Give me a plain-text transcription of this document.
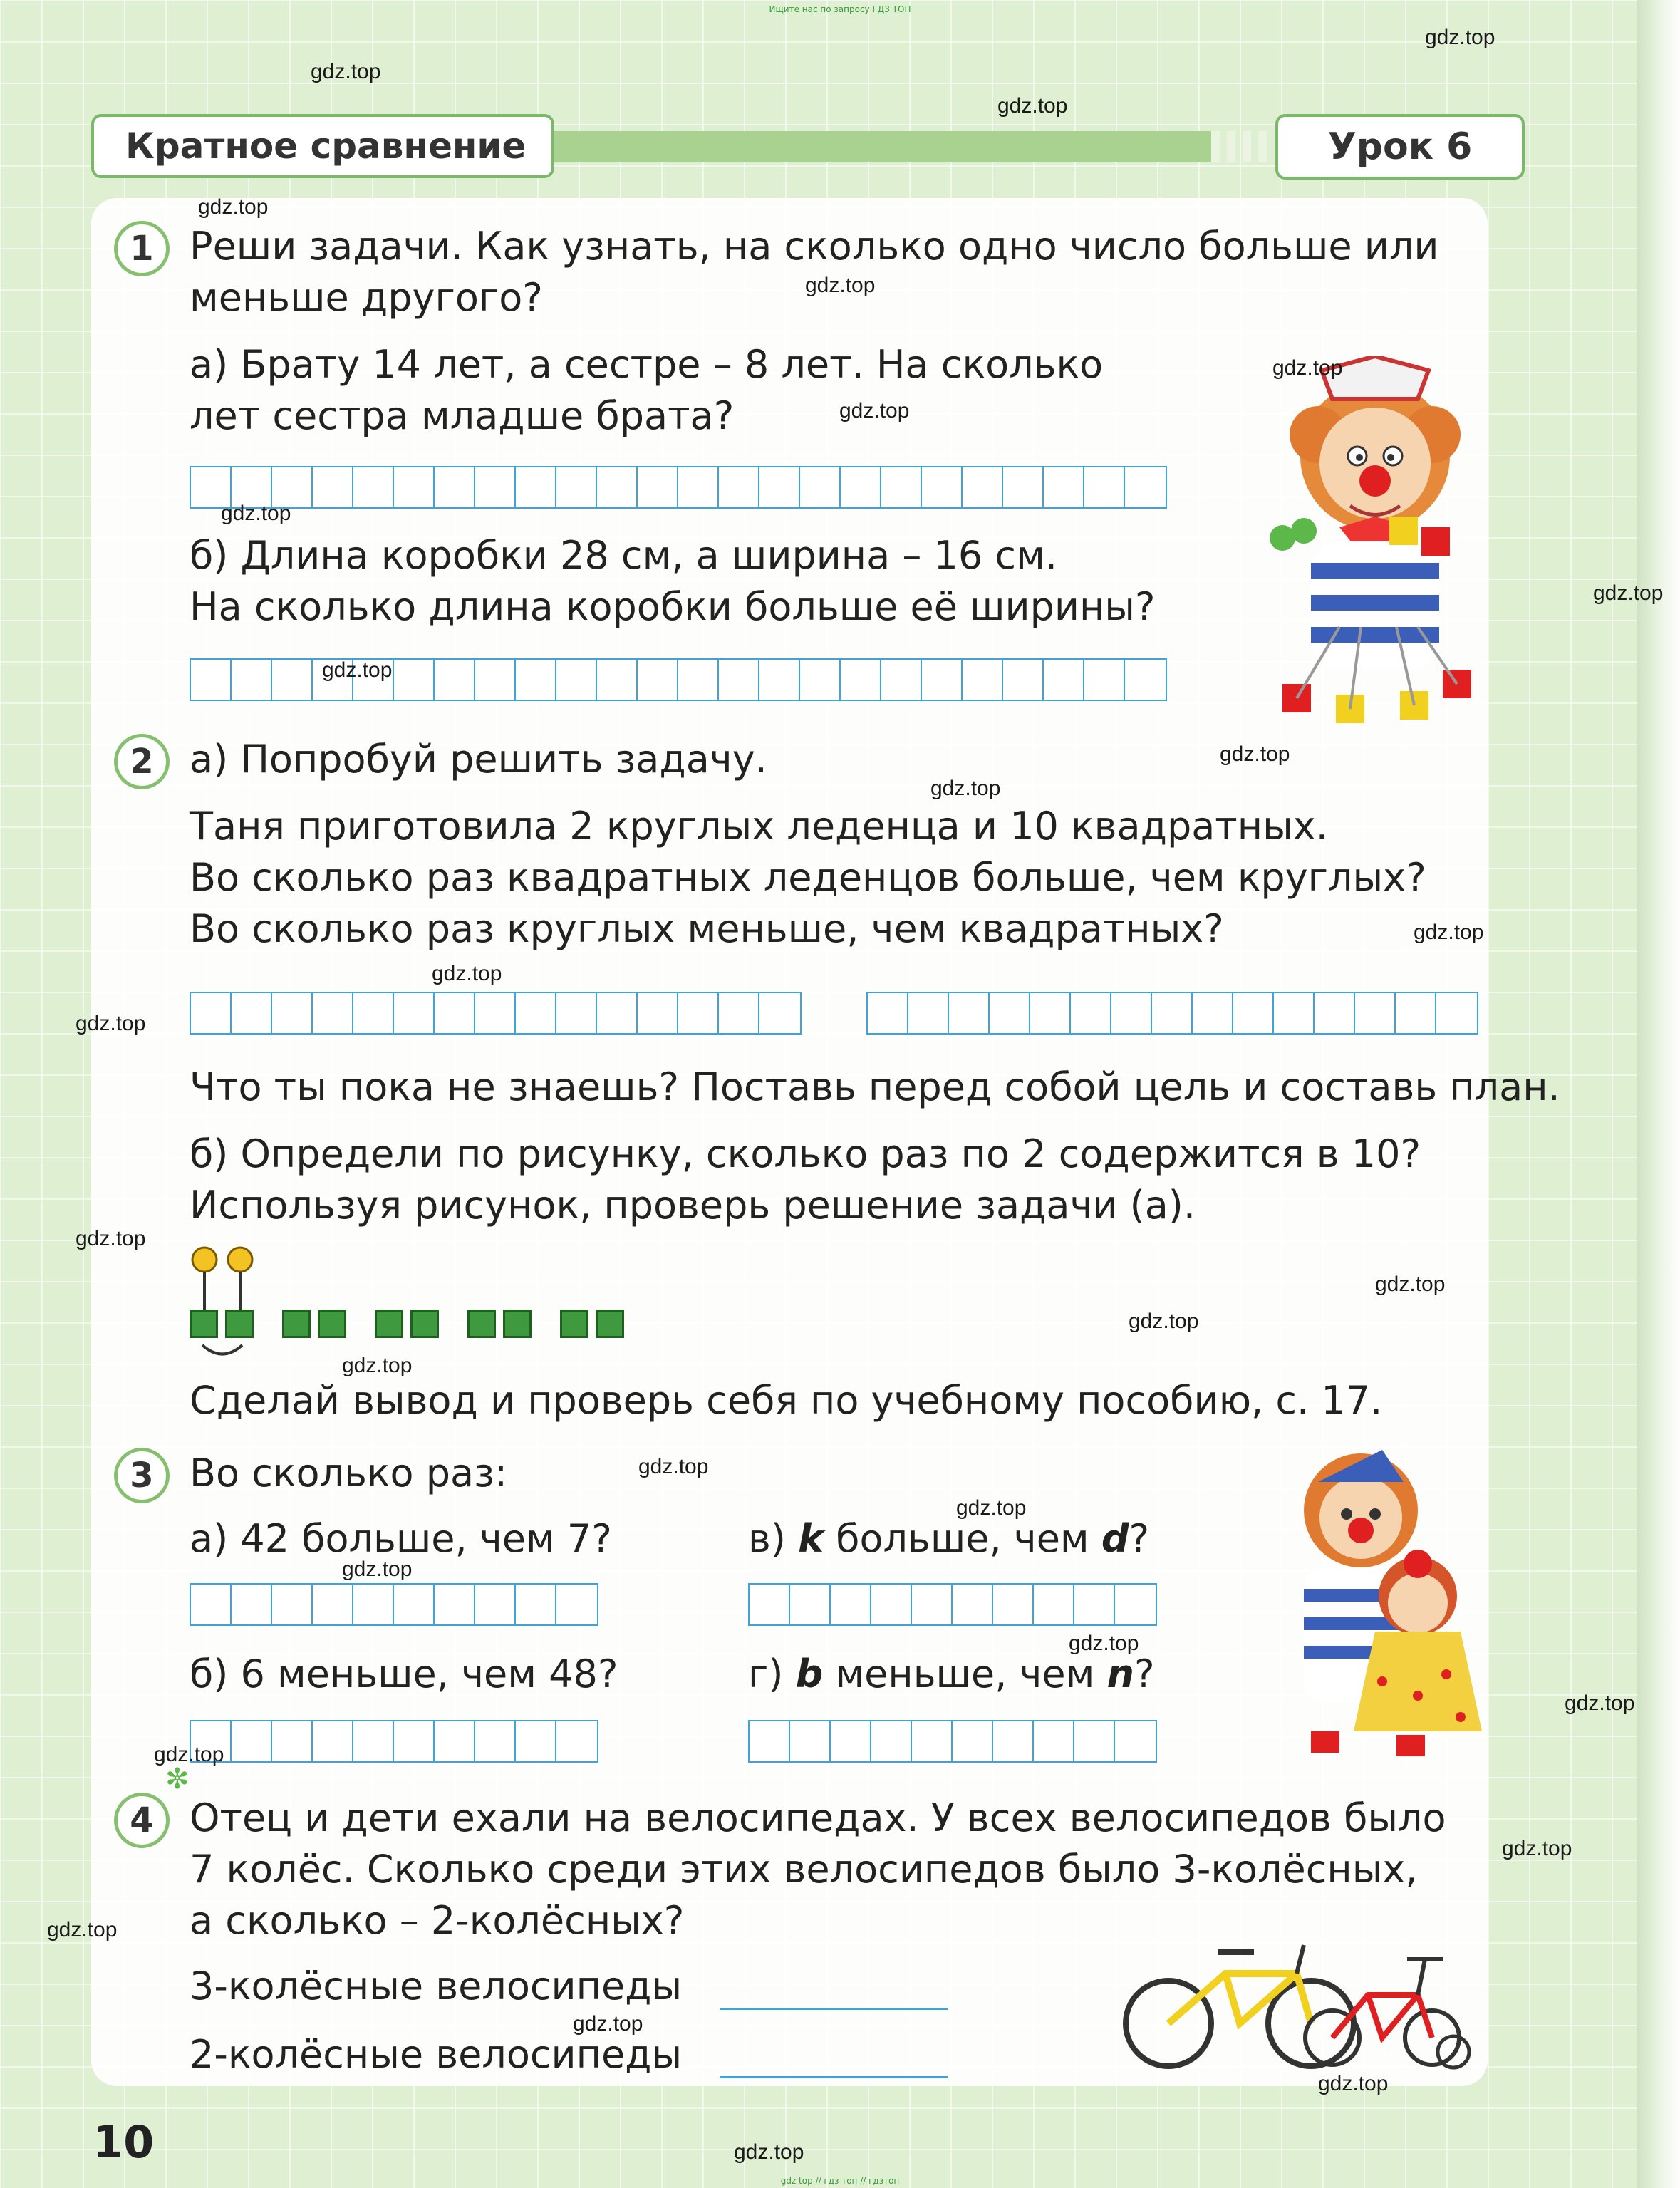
Ищите нас по запросу ГДЗ ТОП
gdz top // гдз топ // гдзтоп
Кратное сравнение	Урок 6
1 Реши задачи. Как узнать, на сколько одно число больше или
меньше другого?
а) Брату 14 лет, а сестре – 8 лет. На сколько
лет сестра младше брата?
б) Длина коробки 28 см, а ширина – 16 см.
На сколько длина коробки больше её ширины?
2 а) Попробуй решить задачу.
Таня приготовила 2 круглых леденца и 10 квадратных.
Во сколько раз квадратных леденцов больше, чем круглых?
Во сколько раз круглых меньше, чем квадратных?
Что ты пока не знаешь? Поставь перед собой цель и составь план.
б) Определи по рисунку, сколько раз по 2 содержится в 10?
Используя рисунок, проверь решение задачи (а).
Сделай вывод и проверь себя по учебному пособию, с. 17.
3 Во сколько раз:
а) 42 больше, чем 7?
б) 6 меньше, чем 48?
в) k больше, чем d?
г) b меньше, чем n?
✼
4 Отец и дети ехали на велосипедах. У всех велосипедов было
7 колёс. Сколько среди этих велосипедов было 3-колёсных,
а сколько – 2-колёсных?
3-колёсные велосипеды
2-колёсные велосипеды
10
gdz.top
gdz.top
gdz.top
gdz.top
gdz.top
gdz.top
gdz.top
gdz.top
gdz.top
gdz.top
gdz.top
gdz.top
gdz.top
gdz.top
gdz.top
gdz.top
gdz.top
gdz.top
gdz.top
gdz.top
gdz.top
gdz.top
gdz.top
gdz.top
gdz.top
gdz.top
gdz.top
gdz.top
gdz.top
gdz.top
